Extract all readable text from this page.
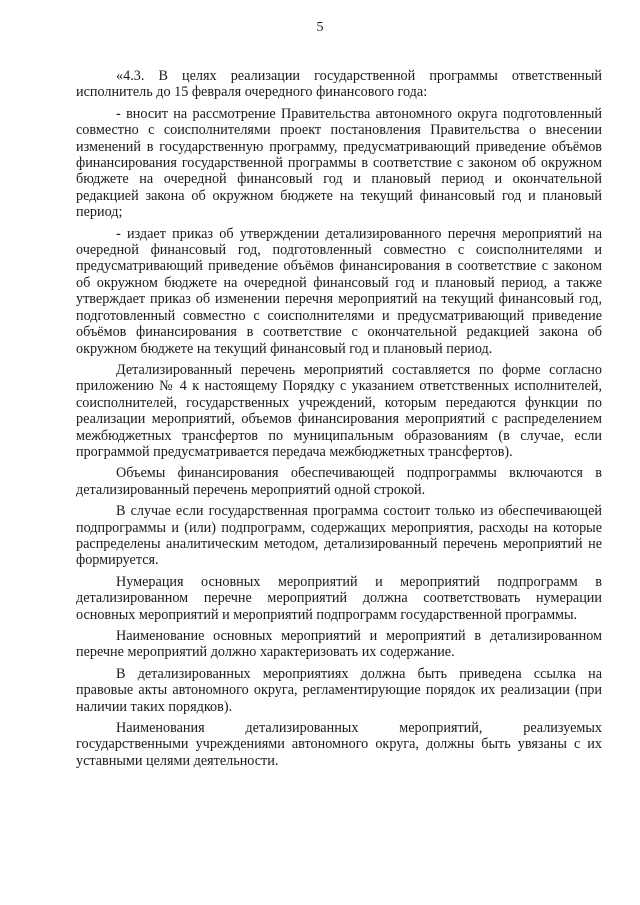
5

«4.3. В целях реализации государственной программы ответственный исполнитель до 15 февраля очередного финансового года:

- вносит на рассмотрение Правительства автономного округа подготовленный совместно с соисполнителями проект постановления Правительства о внесении изменений в государственную программу, предусматривающий приведение объёмов финансирования государственной программы в соответствие с законом об окружном бюджете на очередной финансовый год и плановый период и окончательной редакцией закона об окружном бюджете на текущий финансовый год и плановый период;

- издает приказ об утверждении детализированного перечня мероприятий на очередной финансовый год, подготовленный совместно с соисполнителями и предусматривающий приведение объёмов финансирования в соответствие с законом об окружном бюджете на очередной финансовый год и плановый период, а также утверждает приказ об изменении перечня мероприятий на текущий финансовый год, подготовленный совместно с соисполнителями и предусматривающий приведение объёмов финансирования в соответствие с окончательной редакцией закона об окружном бюджете на текущий финансовый год и плановый период.

Детализированный перечень мероприятий составляется по форме согласно приложению № 4 к настоящему Порядку с указанием ответственных исполнителей, соисполнителей, государственных учреждений, которым передаются функции по реализации мероприятий, объемов финансирования мероприятий с распределением межбюджетных трансфертов по муниципальным образованиям (в случае, если программой предусматривается передача межбюджетных трансфертов).

Объемы финансирования обеспечивающей подпрограммы включаются в детализированный перечень мероприятий одной строкой.

В случае если государственная программа состоит только из обеспечивающей подпрограммы и (или) подпрограмм, содержащих мероприятия, расходы на которые распределены аналитическим методом, детализированный перечень мероприятий не формируется.

Нумерация основных мероприятий и мероприятий подпрограмм в детализированном перечне мероприятий должна соответствовать нумерации основных мероприятий и мероприятий подпрограмм государственной программы.

Наименование основных мероприятий и мероприятий в детализированном перечне мероприятий должно характеризовать их содержание.

В детализированных мероприятиях должна быть приведена ссылка на правовые акты автономного округа, регламентирующие порядок их реализации (при наличии таких порядков).

Наименования детализированных мероприятий, реализуемых государственными учреждениями автономного округа, должны быть увязаны с их уставными целями деятельности.
